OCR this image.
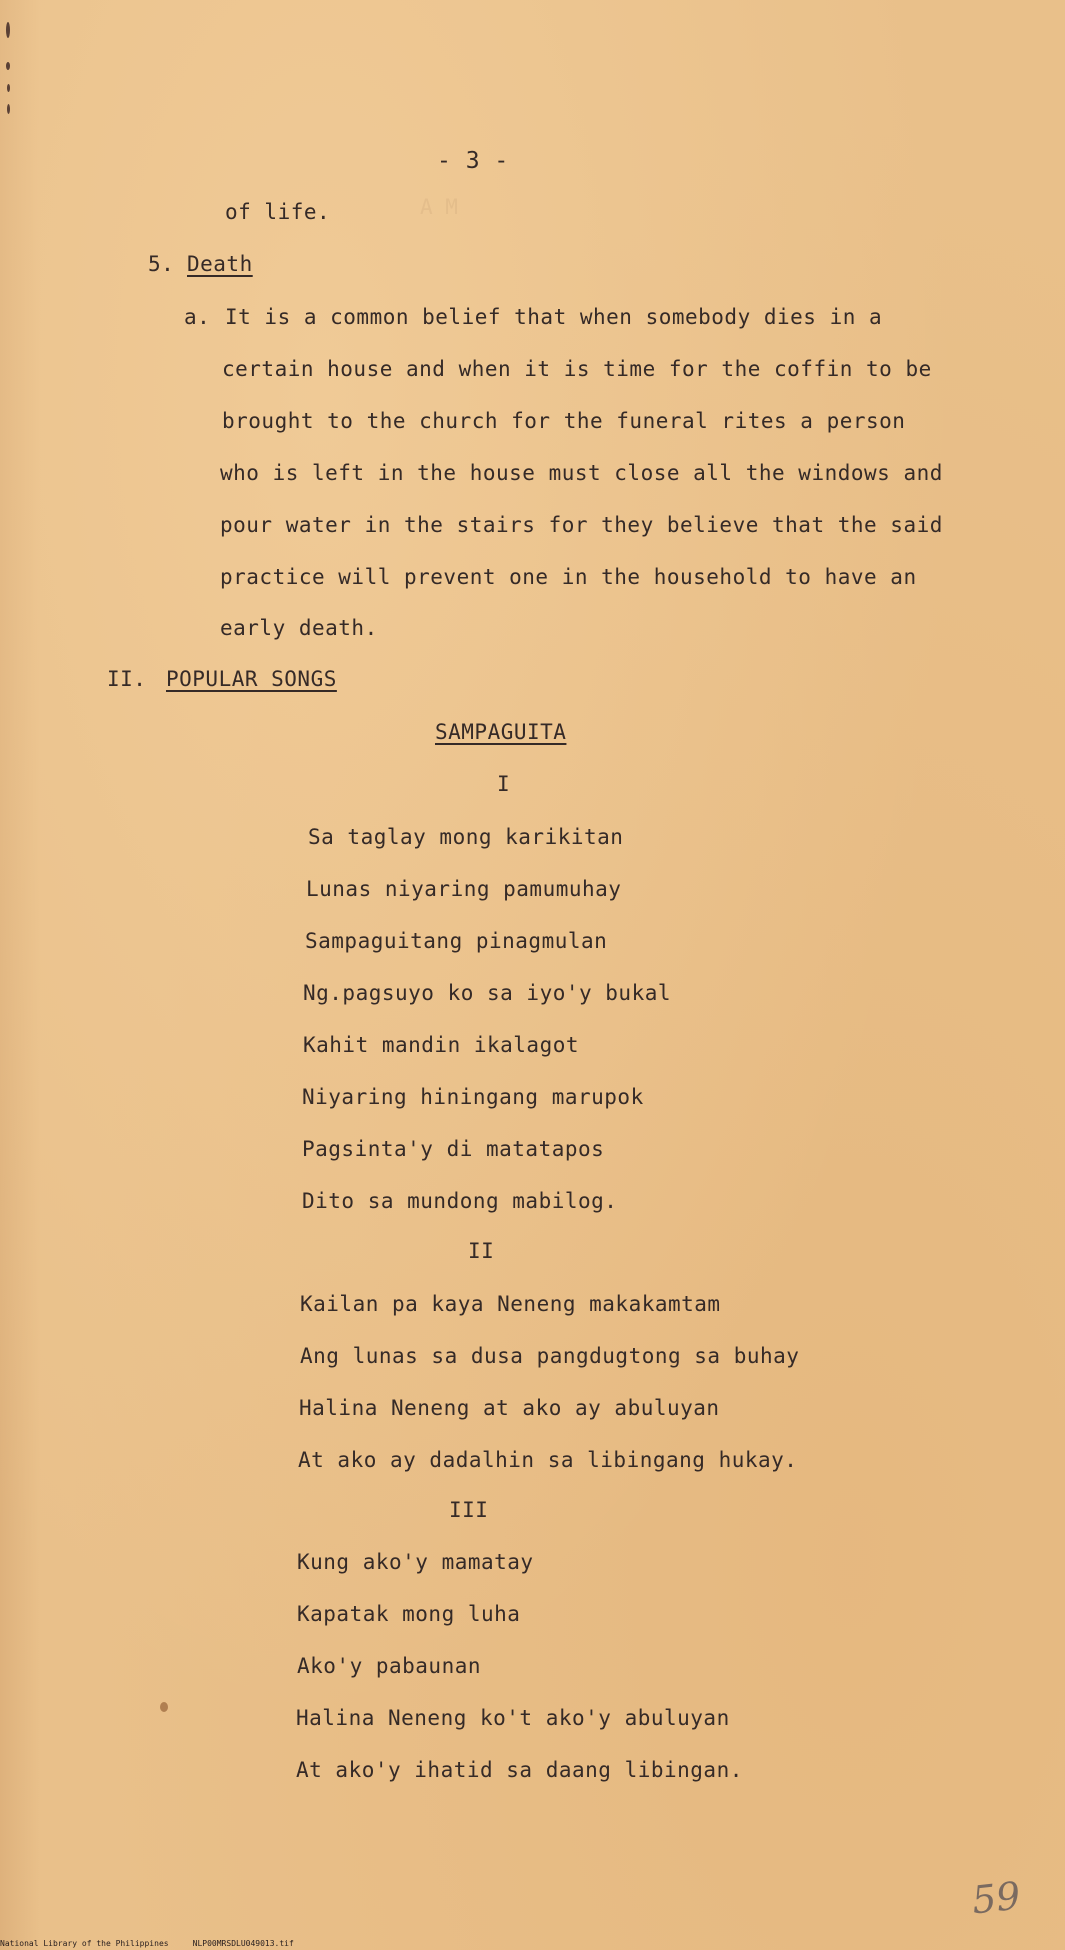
A M
- 3 -
of life.
5. Death
a. It is a common belief that when somebody dies in a
certain house and when it is time for the coffin to be
brought to the church for the funeral rites a person
who is left in the house must close all the windows and
pour water in the stairs for they believe that the said
practice will prevent one in the household to have an
early death.
II. POPULAR SONGS
SAMPAGUITA
I
Sa taglay mong karikitan
Lunas niyaring pamumuhay
Sampaguitang pinagmulan
Ng.pagsuyo ko sa iyo'y bukal
Kahit mandin ikalagot
Niyaring hiningang marupok
Pagsinta'y di matatapos
Dito sa mundong mabilog.
II
Kailan pa kaya Neneng makakamtam
Ang lunas sa dusa pangdugtong sa buhay
Halina Neneng at ako ay abuluyan
At ako ay dadalhin sa libingang hukay.
III
Kung ako'y mamatay
Kapatak mong luha
Ako'y pabaunan
Halina Neneng ko't ako'y abuluyan
At ako'y ihatid sa daang libingan.
59
National Library of the Philippines     NLP00MRSDLU049013.tif
